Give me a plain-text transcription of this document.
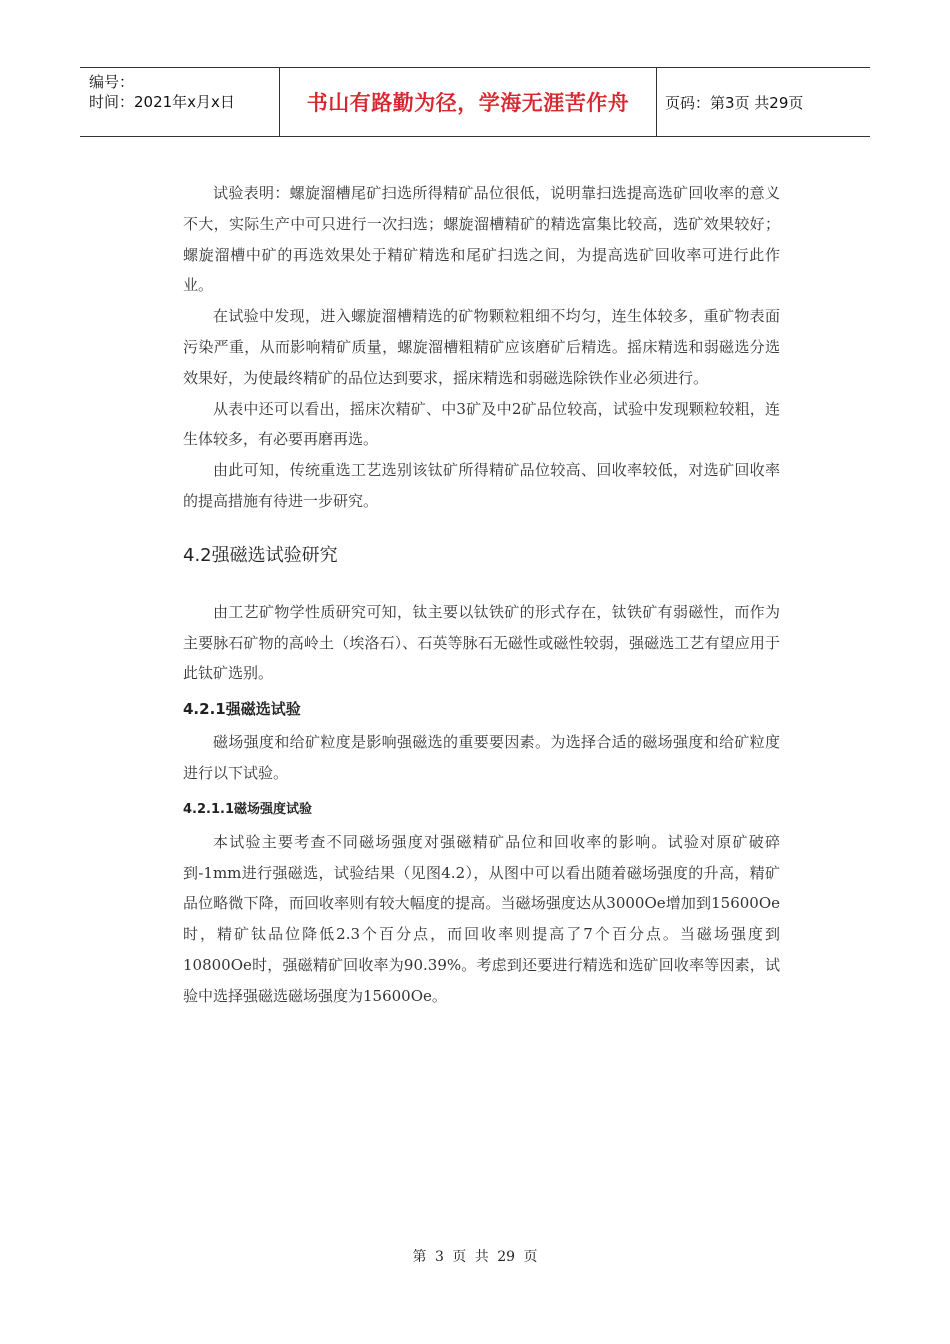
编号：
时间：2021年x月x日	书山有路勤为径，学海无涯苦作舟	页码：第3页 共29页

试验表明：螺旋溜槽尾矿扫选所得精矿品位很低，说明靠扫选提高选矿回收率的意义不大，实际生产中可只进行一次扫选；螺旋溜槽精矿的精选富集比较高，选矿效果较好；螺旋溜槽中矿的再选效果处于精矿精选和尾矿扫选之间，为提高选矿回收率可进行此作业。

在试验中发现，进入螺旋溜槽精选的矿物颗粒粗细不均匀，连生体较多，重矿物表面污染严重，从而影响精矿质量，螺旋溜槽粗精矿应该磨矿后精选。摇床精选和弱磁选分选效果好，为使最终精矿的品位达到要求，摇床精选和弱磁选除铁作业必须进行。

从表中还可以看出，摇床次精矿、中3矿及中2矿品位较高，试验中发现颗粒较粗，连生体较多，有必要再磨再选。

由此可知，传统重选工艺选别该钛矿所得精矿品位较高、回收率较低，对选矿回收率的提高措施有待进一步研究。

4.2强磁选试验研究

由工艺矿物学性质研究可知，钛主要以钛铁矿的形式存在，钛铁矿有弱磁性，而作为主要脉石矿物的高岭土（埃洛石）、石英等脉石无磁性或磁性较弱，强磁选工艺有望应用于此钛矿选别。

4.2.1强磁选试验

磁场强度和给矿粒度是影响强磁选的重要要因素。为选择合适的磁场强度和给矿粒度进行以下试验。

4.2.1.1磁场强度试验

本试验主要考查不同磁场强度对强磁精矿品位和回收率的影响。试验对原矿破碎到-1mm进行强磁选，试验结果（见图4.2），从图中可以看出随着磁场强度的升高，精矿品位略微下降，而回收率则有较大幅度的提高。当磁场强度达从3000Oe增加到15600Oe时，精矿钛品位降低2.3个百分点，而回收率则提高了7个百分点。当磁场强度到10800Oe时，强磁精矿回收率为90.39%。考虑到还要进行精选和选矿回收率等因素，试验中选择强磁选磁场强度为15600Oe。

第 3 页 共 29 页
